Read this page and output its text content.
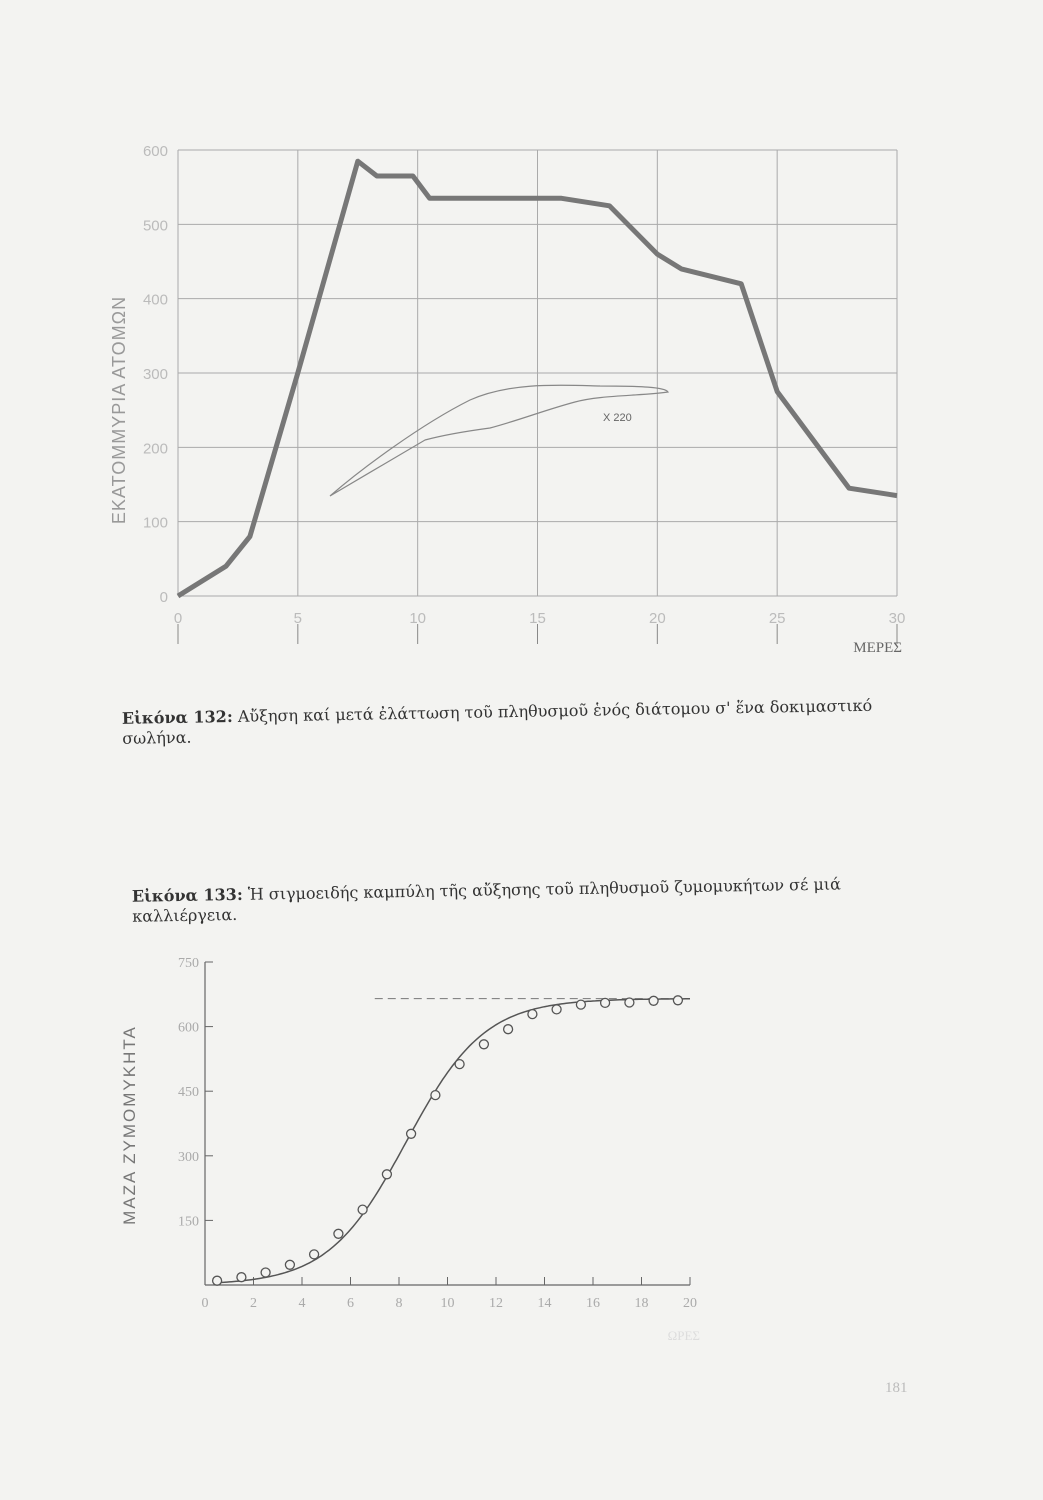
0
100
200
300
400
500
600
0	5	10	15	20	25	30
X 220
ΕΚΑΤΟΜΜΥΡΙΑ ΑΤΟΜΩΝ
ΜΕΡΕΣ
150
300
450
600
750
0	2	4	6	8	10 12 14 16 18 20
ΜΑΖΑ ΖΥΜΟΜΥΚΗΤΑ
ΩΡΕΣ
Εἰκόνα 132: Αὔξηση καί μετά ἐλάττωση τοῦ πληθυσμοῦ ἑνός διάτομου σ' ἕνα δοκιμαστικό σωλήνα.
Εἰκόνα 133: Ἡ σιγμοειδής καμπύλη τῆς αὔξησης τοῦ πληθυσμοῦ ζυμομυκήτων σέ μιά καλλιέργεια.
181
